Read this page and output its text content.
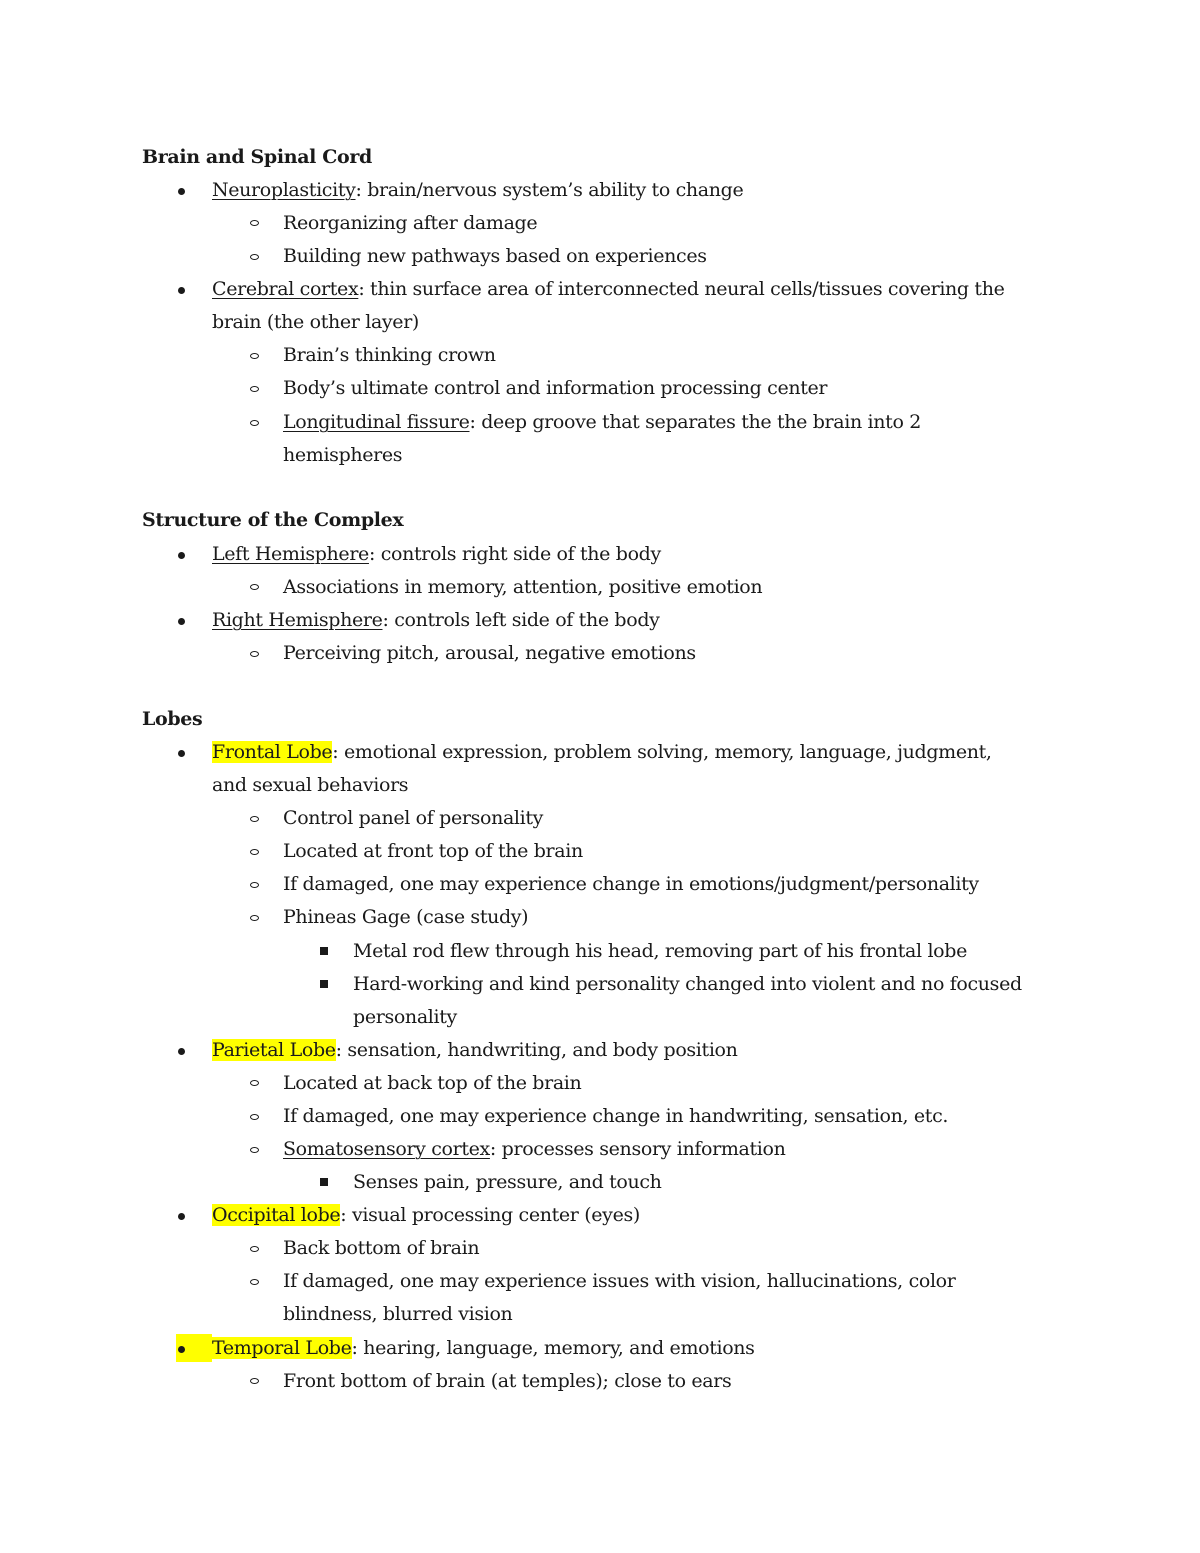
Brain and Spinal Cord
Neuroplasticity: brain/nervous system’s ability to change
Reorganizing after damage
Building new pathways based on experiences
Cerebral cortex: thin surface area of interconnected neural cells/tissues covering the
brain (the other layer)
Brain’s thinking crown
Body’s ultimate control and information processing center
Longitudinal fissure: deep groove that separates the the brain into 2
hemispheres
Structure of the Complex
Left Hemisphere: controls right side of the body
Associations in memory, attention, positive emotion
Right Hemisphere: controls left side of the body
Perceiving pitch, arousal, negative emotions
Lobes
Frontal Lobe: emotional expression, problem solving, memory, language, judgment,
and sexual behaviors
Control panel of personality
Located at front top of the brain
If damaged, one may experience change in emotions/judgment/personality
Phineas Gage (case study)
Metal rod flew through his head, removing part of his frontal lobe
Hard-working and kind personality changed into violent and no focused
personality
Parietal Lobe: sensation, handwriting, and body position
Located at back top of the brain
If damaged, one may experience change in handwriting, sensation, etc.
Somatosensory cortex: processes sensory information
Senses pain, pressure, and touch
Occipital lobe: visual processing center (eyes)
Back bottom of brain
If damaged, one may experience issues with vision, hallucinations, color
blindness, blurred vision
Temporal Lobe: hearing, language, memory, and emotions
Front bottom of brain (at temples); close to ears
